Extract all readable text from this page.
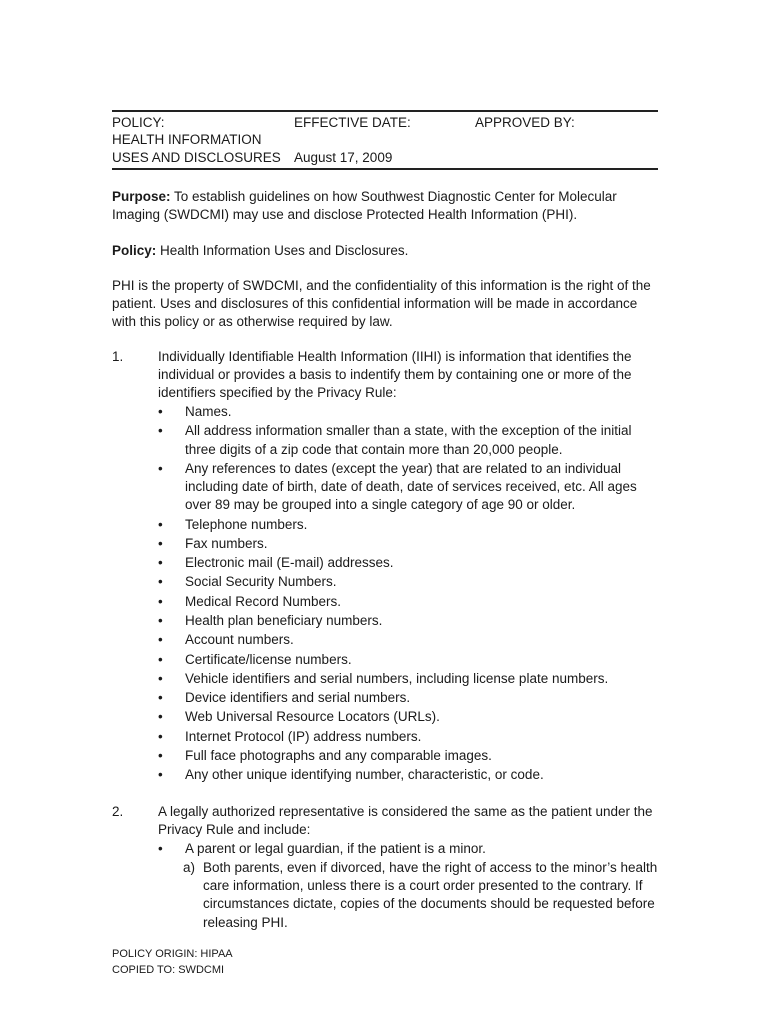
POLICY:
HEALTH INFORMATION
USES AND DISCLOSURES
EFFECTIVE DATE:
August 17, 2009
APPROVED BY:
Purpose: To establish guidelines on how Southwest Diagnostic Center for Molecular Imaging (SWDCMI) may use and disclose Protected Health Information (PHI).
Policy: Health Information Uses and Disclosures.
PHI is the property of SWDCMI, and the confidentiality of this information is the right of the patient. Uses and disclosures of this confidential information will be made in accordance with this policy or as otherwise required by law.
1.	Individually Identifiable Health Information (IIHI) is information that identifies the individual or provides a basis to indentify them by containing one or more of the identifiers specified by the Privacy Rule:
• Names.
• All address information smaller than a state, with the exception of the initial three digits of a zip code that contain more than 20,000 people.
• Any references to dates (except the year) that are related to an individual including date of birth, date of death, date of services received, etc. All ages over 89 may be grouped into a single category of age 90 or older.
• Telephone numbers.
• Fax numbers.
• Electronic mail (E-mail) addresses.
• Social Security Numbers.
• Medical Record Numbers.
• Health plan beneficiary numbers.
• Account numbers.
• Certificate/license numbers.
• Vehicle identifiers and serial numbers, including license plate numbers.
• Device identifiers and serial numbers.
• Web Universal Resource Locators (URLs).
• Internet Protocol (IP) address numbers.
• Full face photographs and any comparable images.
• Any other unique identifying number, characteristic, or code.
2.	A legally authorized representative is considered the same as the patient under the Privacy Rule and include:
• A parent or legal guardian, if the patient is a minor.
a) Both parents, even if divorced, have the right of access to the minor’s health care information, unless there is a court order presented to the contrary. If circumstances dictate, copies of the documents should be requested before releasing PHI.
POLICY ORIGIN: HIPAA
COPIED TO: SWDCMI
